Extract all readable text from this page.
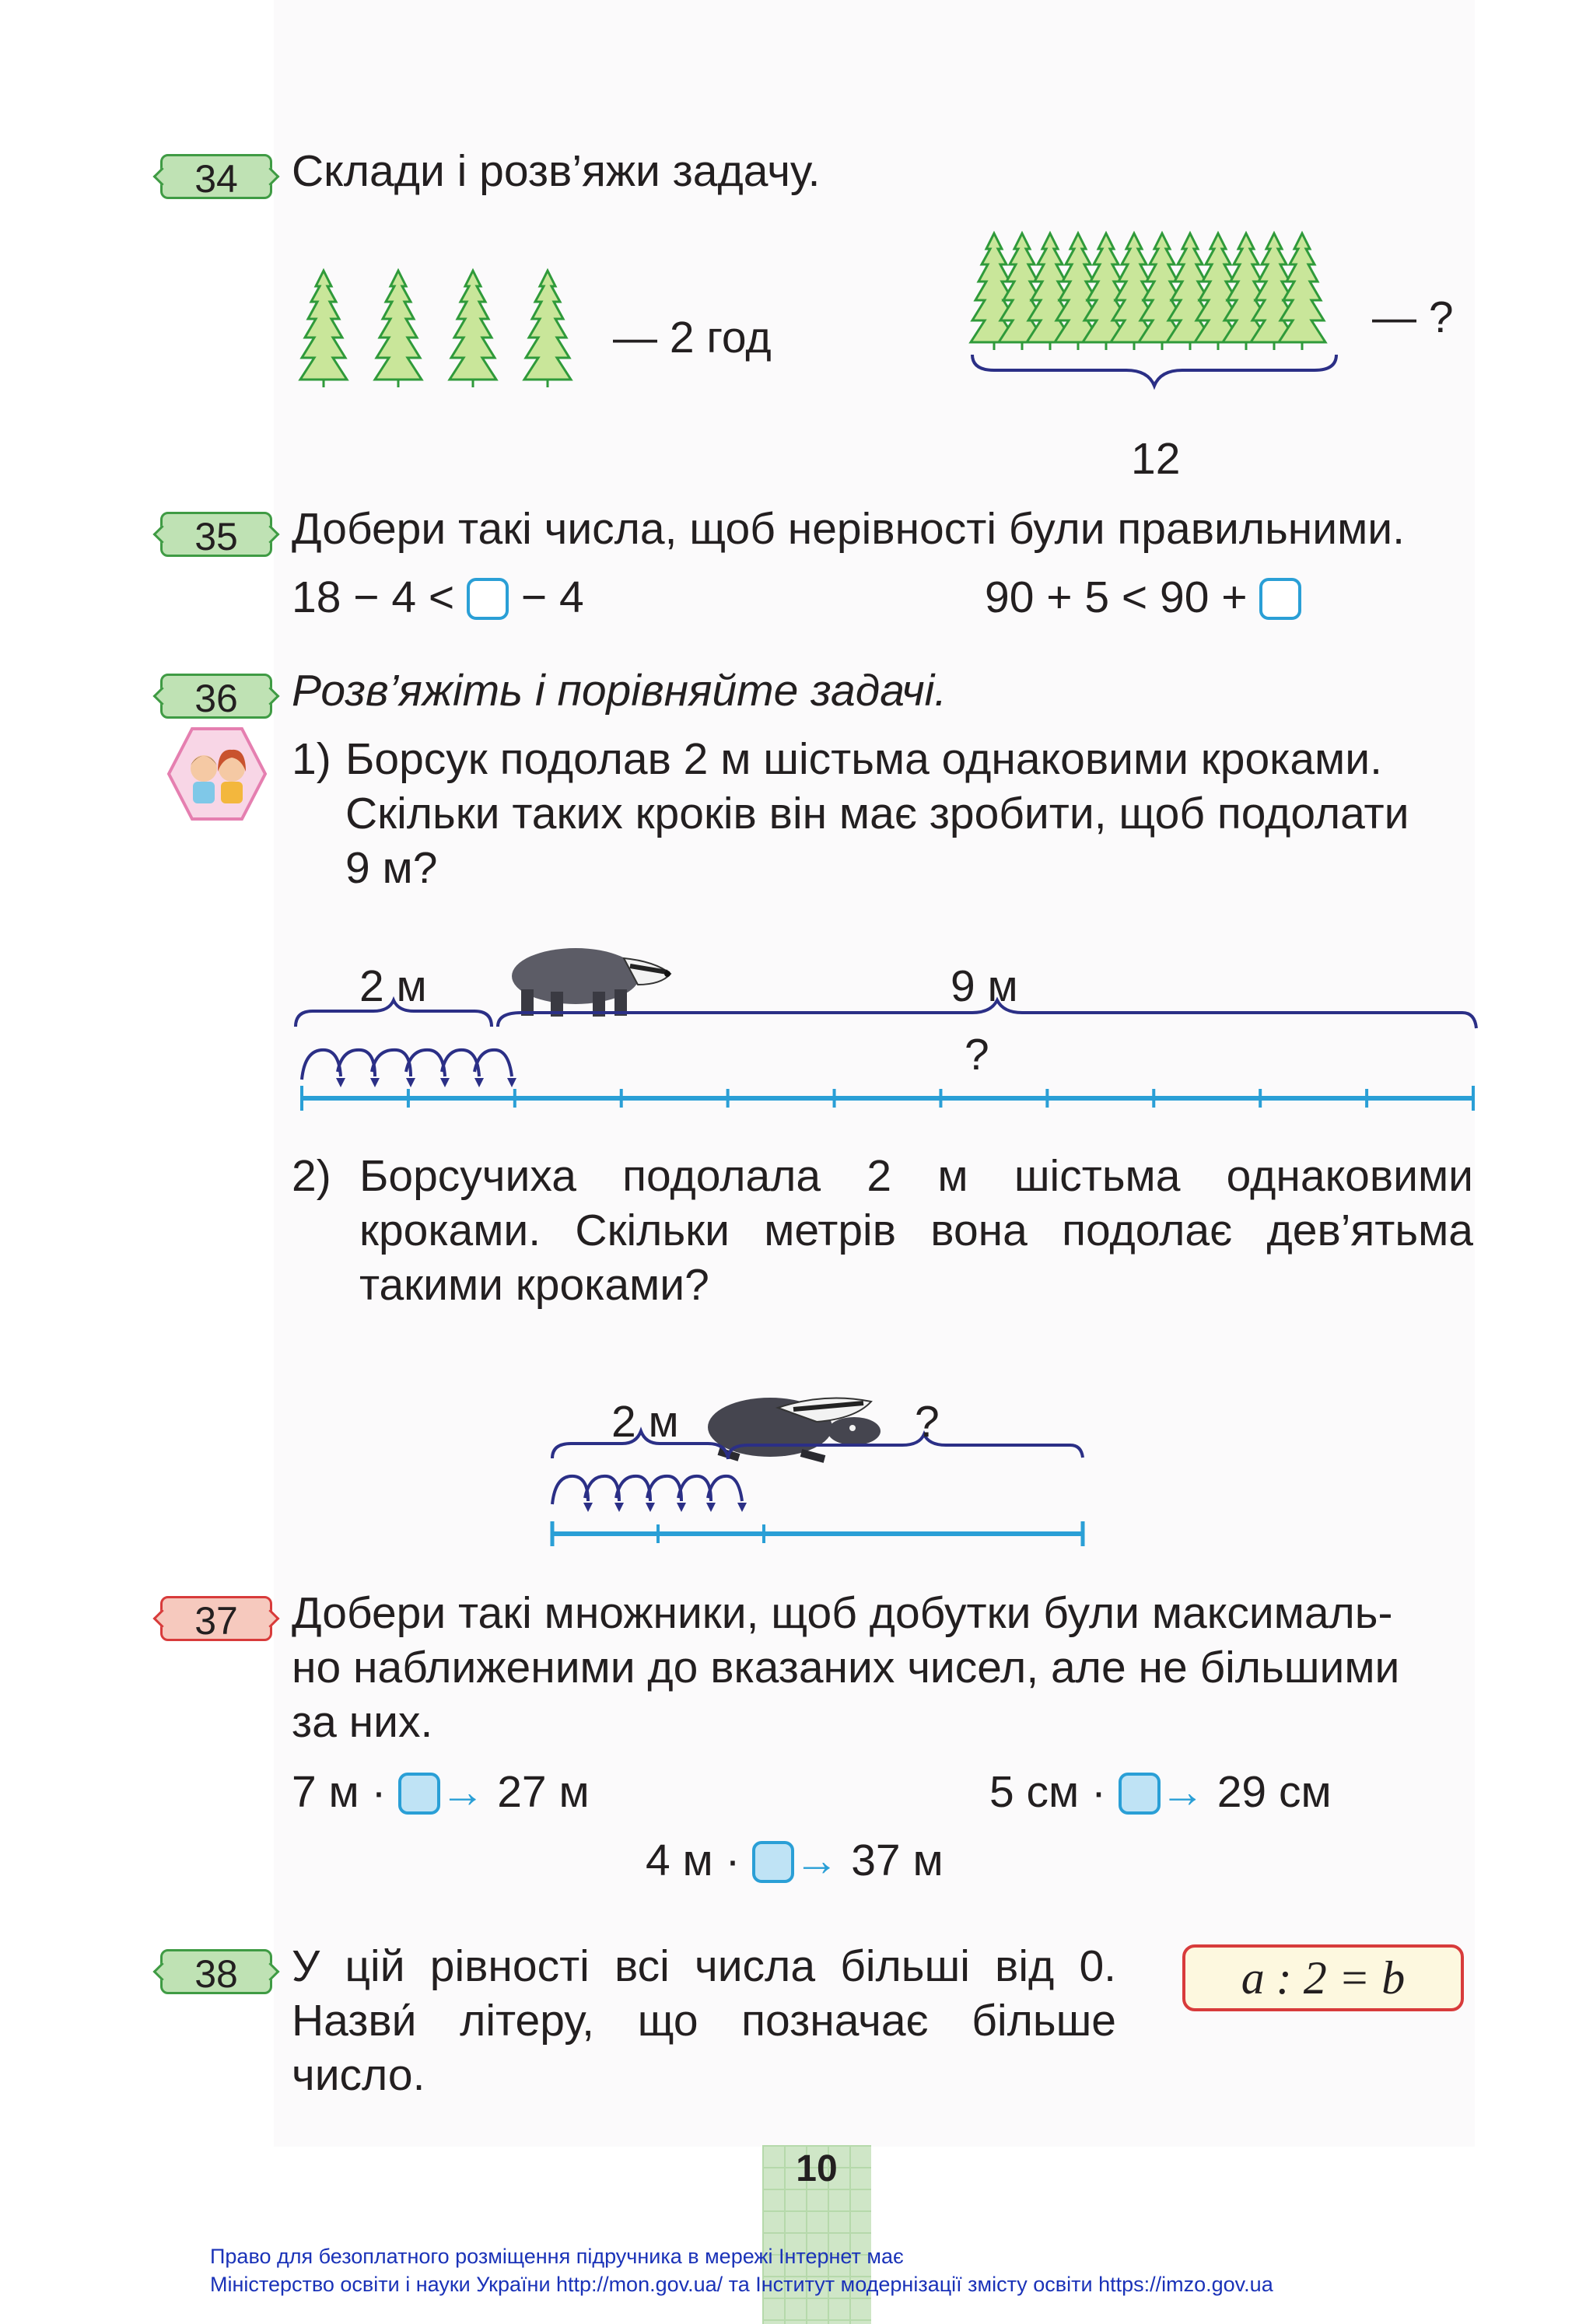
34	Склади і розв’яжи задачу.
— 2 год	— ?
12
35	Добери такі числа, щоб нерівності були правильними.
18 − 4 < − 4	90 + 5 < 90 +
36	Розв’яжіть і порівняйте задачі.
1) Борсук подолав 2 м шістьма однаковими кроками.
Скільки таких кроків він має зробити, щоб подолати
9 м?
2 м	9 м
?
2) Борсучиха подолала 2 м шістьма однаковими
кроками. Скільки метрів вона подолає дев’ятьма
такими кроками?
2 м	?
37	Добери такі множники, щоб добутки були максималь-
но наближеними до вказаних чисел, але не більшими
за них.
7 м · → 27 м	5 см · → 29 см
4 м · → 37 м
38	У цій рівності всі числа більші від 0.
Назви́ літеру, що позначає більше
число.
a : 2 = b
10
Право для безоплатного розміщення підручника в мережі Інтернет має
Міністерство освіти і науки України http://mon.gov.ua/ та Інститут модернізації змісту освіти https://imzo.gov.ua
